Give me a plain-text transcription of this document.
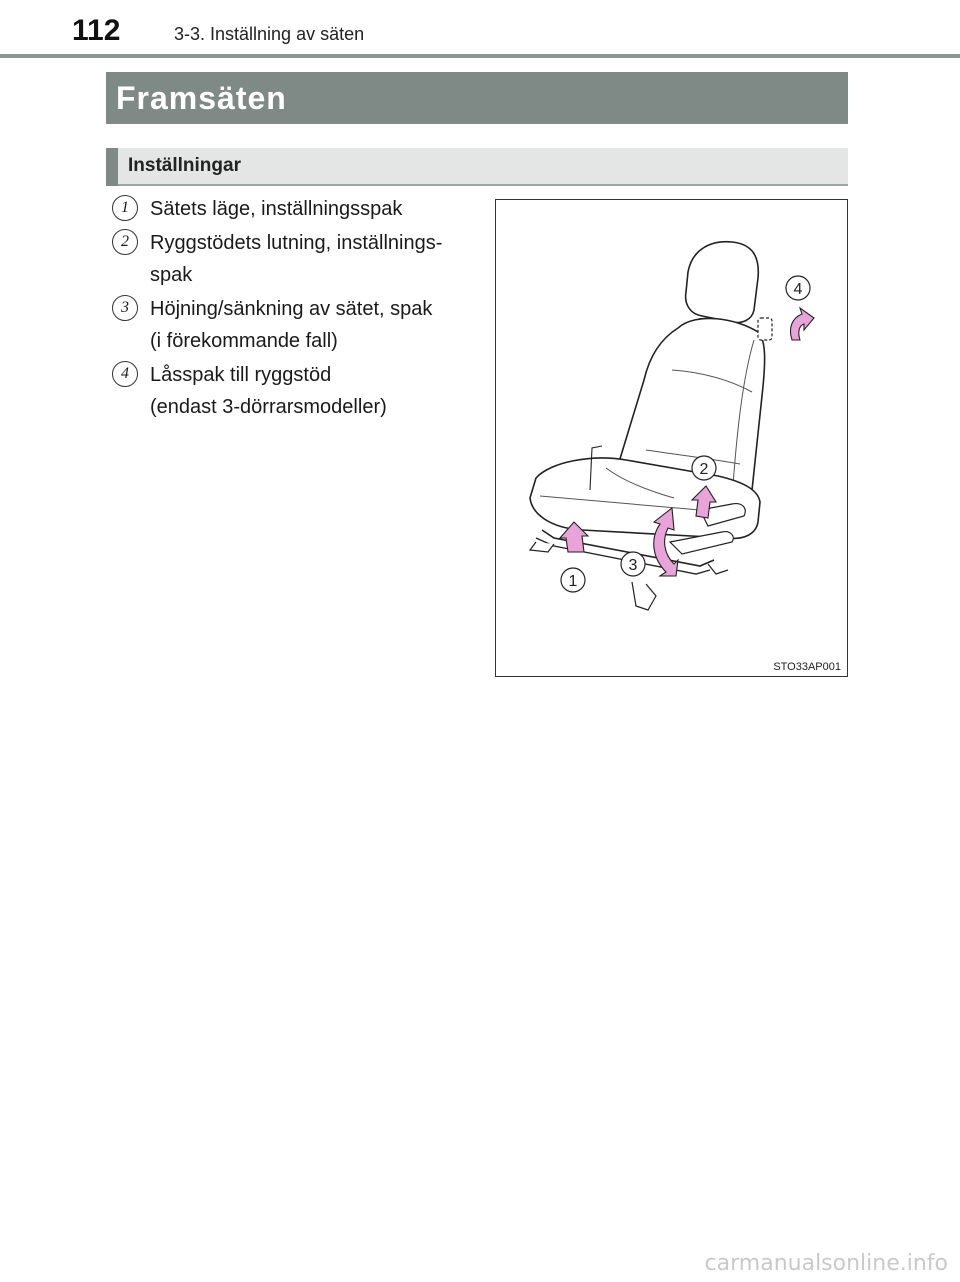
112	3-3. Inställning av säten
Framsäten
Inställningar
1	Sätets läge, inställningsspak
2	Ryggstödets lutning, inställnings-
spak
3	Höjning/sänkning av sätet, spak
(i förekommande fall)
4	Låsspak till ryggstöd
(endast 3-dörrarsmodeller)
1
3
2
4
STO33AP001
carmanualsonline.info
